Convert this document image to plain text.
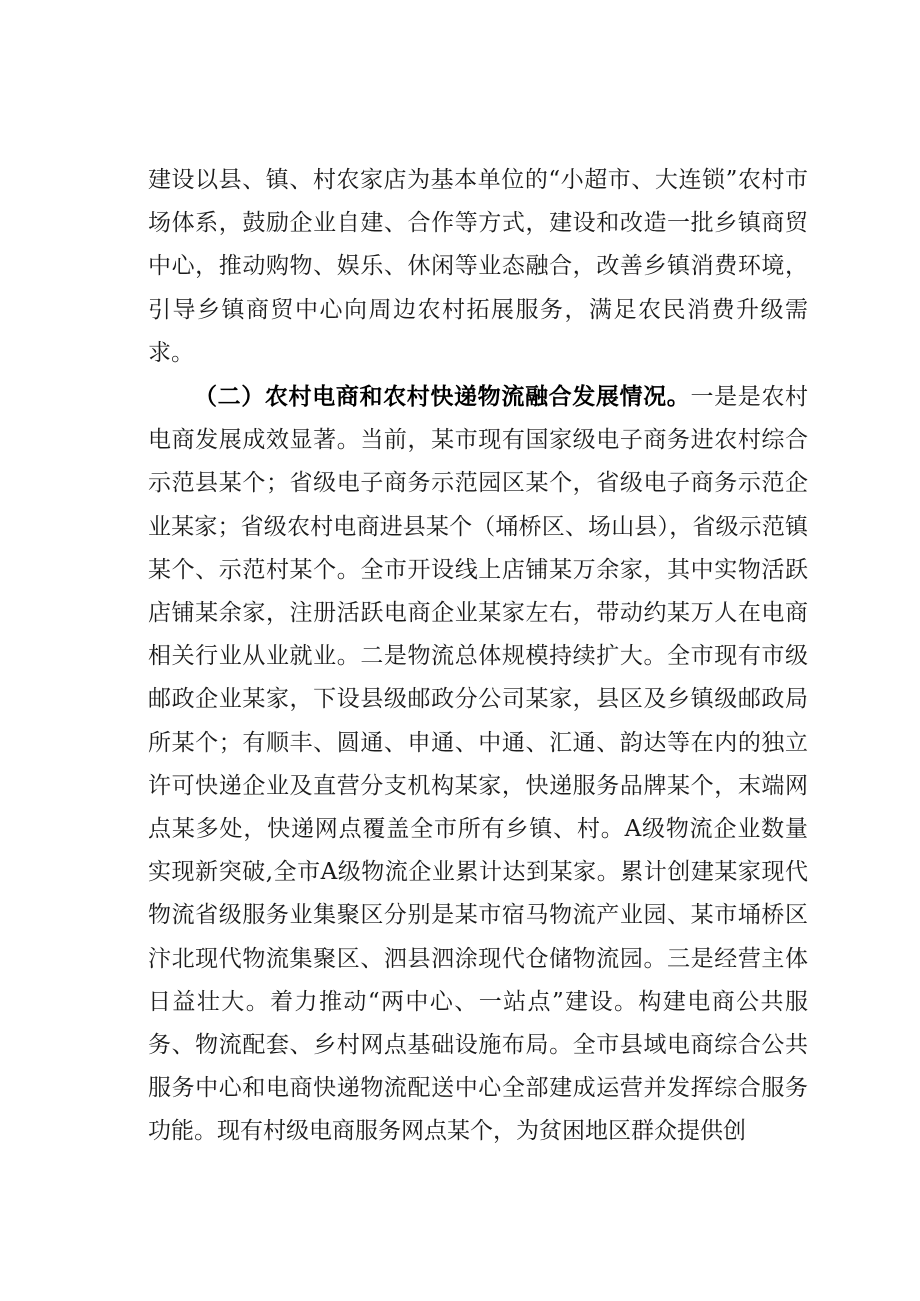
建设以县、镇、村农家店为基本单位的“小超市、大连锁”农村市场体系，鼓励企业自建、合作等方式，建设和改造一批乡镇商贸中心，推动购物、娱乐、休闲等业态融合，改善乡镇消费环境，引导乡镇商贸中心向周边农村拓展服务，满足农民消费升级需求。

（二）农村电商和农村快递物流融合发展情况。一是是农村电商发展成效显著。当前，某市现有国家级电子商务进农村综合示范县某个；省级电子商务示范园区某个，省级电子商务示范企业某家；省级农村电商进县某个（埇桥区、场山县），省级示范镇某个、示范村某个。全市开设线上店铺某万余家，其中实物活跃店铺某余家，注册活跃电商企业某家左右，带动约某万人在电商相关行业从业就业。二是物流总体规模持续扩大。全市现有市级邮政企业某家，下设县级邮政分公司某家，县区及乡镇级邮政局所某个；有顺丰、圆通、申通、中通、汇通、韵达等在内的独立许可快递企业及直营分支机构某家，快递服务品牌某个，末端网点某多处，快递网点覆盖全市所有乡镇、村。A级物流企业数量实现新突破,全市A级物流企业累计达到某家。累计创建某家现代物流省级服务业集聚区分别是某市宿马物流产业园、某市埇桥区汴北现代物流集聚区、泗县泗涂现代仓储物流园。三是经营主体日益壮大。着力推动“两中心、一站点”建设。构建电商公共服务、物流配套、乡村网点基础设施布局。全市县域电商综合公共服务中心和电商快递物流配送中心全部建成运营并发挥综合服务功能。现有村级电商服务网点某个，为贫困地区群众提供创
